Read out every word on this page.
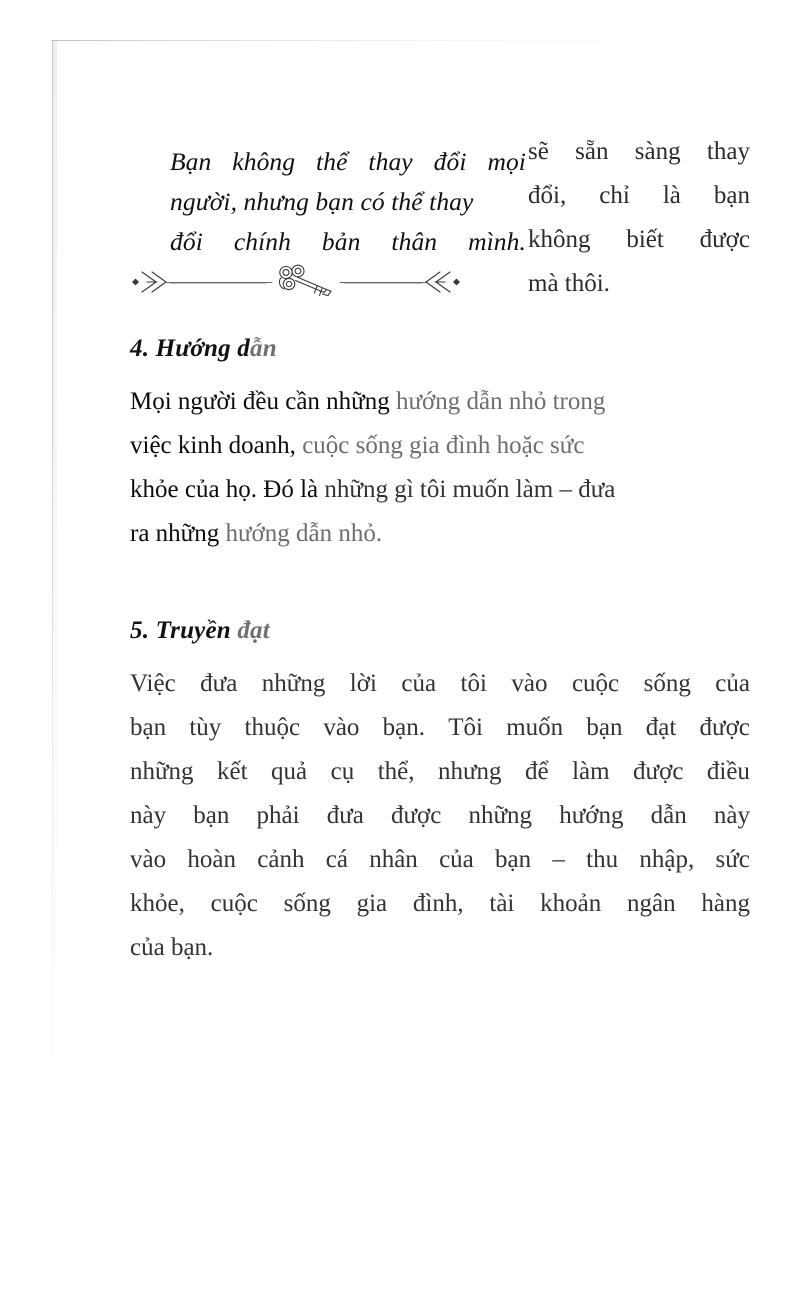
Bạn không thể thay đổi mọi người, nhưng bạn có thể thay
đổi chính bản thân mình.
sẽ sẵn sàng thay
đổi, chỉ là bạn
không biết được
mà thôi.
4. Hướng dẫn

Mọi người đều cần những hướng dẫn nhỏ trong
việc kinh doanh, cuộc sống gia đình hoặc sức
khỏe của họ. Đó là những gì tôi muốn làm – đưa
ra những hướng dẫn nhỏ.

5. Truyền đạt

Việc đưa những lời của tôi vào cuộc sống của
bạn tùy thuộc vào bạn. Tôi muốn bạn đạt được
những kết quả cụ thể, nhưng để làm được điều
này bạn phải đưa được những hướng dẫn này
vào hoàn cảnh cá nhân của bạn – thu nhập, sức
khỏe, cuộc sống gia đình, tài khoản ngân hàng
của bạn.
